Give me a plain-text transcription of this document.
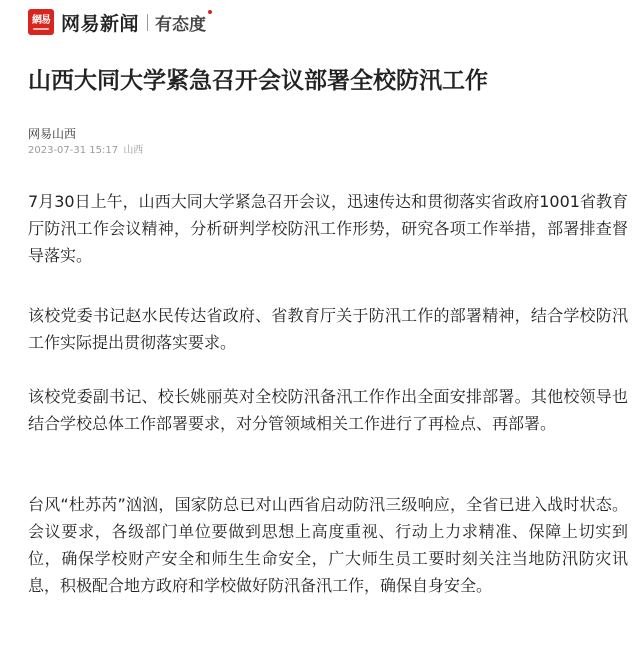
網易 网易新闻 有态度
山西大同大学紧急召开会议部署全校防汛工作
网易山西
2023-07-31 15:17 山西

7月30日上午，山西大同大学紧急召开会议，迅速传达和贯彻落实省政府1001省教育厅防汛工作会议精神，分析研判学校防汛工作形势，研究各项工作举措，部署排查督导落实。

该校党委书记赵水民传达省政府、省教育厅关于防汛工作的部署精神，结合学校防汛工作实际提出贯彻落实要求。

该校党委副书记、校长姚丽英对全校防汛备汛工作作出全面安排部署。其他校领导也结合学校总体工作部署要求，对分管领域相关工作进行了再检点、再部署。

台风“杜苏芮”汹汹，国家防总已对山西省启动防汛三级响应，全省已进入战时状态。会议要求，各级部门单位要做到思想上高度重视、行动上力求精准、保障上切实到位，确保学校财产安全和师生生命安全，广大师生员工要时刻关注当地防汛防灾讯息，积极配合地方政府和学校做好防汛备汛工作，确保自身安全。
